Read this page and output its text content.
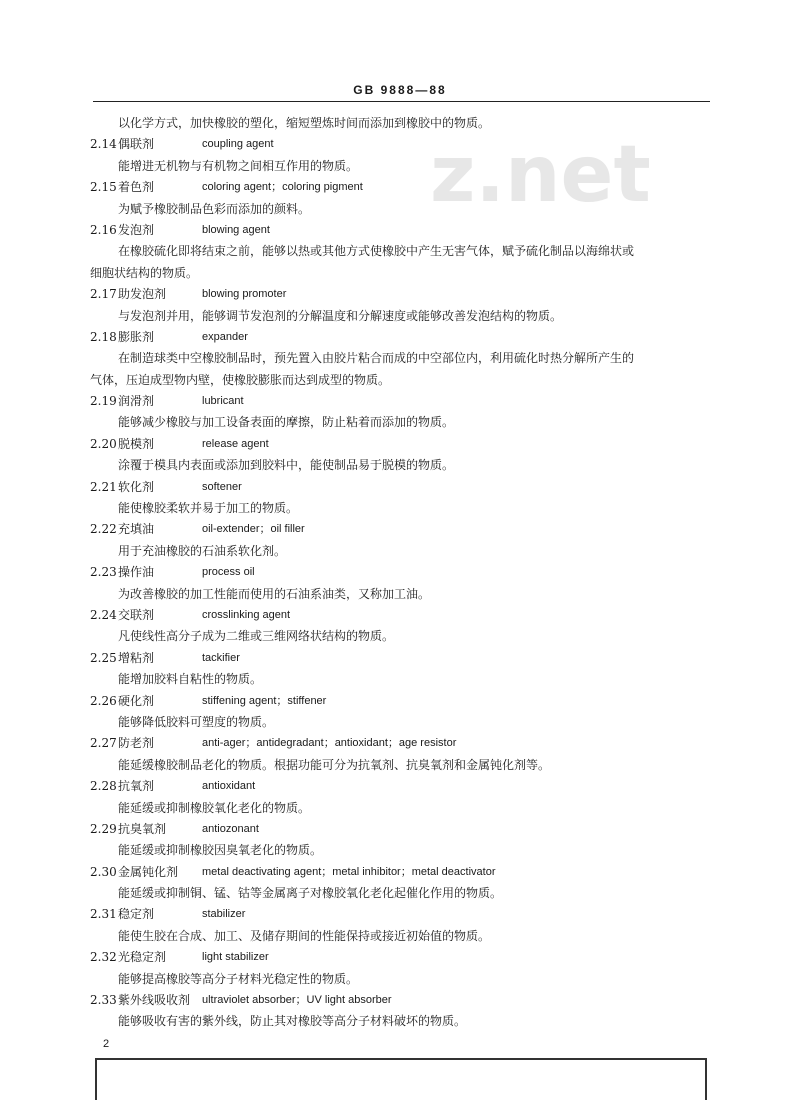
GB 9888—88
z.net
以化学方式，加快橡胶的塑化，缩短塑炼时间而添加到橡胶中的物质。
2.14 偶联剂	coupling agent
能增进无机物与有机物之间相互作用的物质。
2.15 着色剂	coloring agent；coloring pigment
为赋予橡胶制品色彩而添加的颜料。
2.16 发泡剂	blowing agent
在橡胶硫化即将结束之前，能够以热或其他方式使橡胶中产生无害气体，赋予硫化制品以海绵状或
细胞状结构的物质。
2.17 助发泡剂	blowing promoter
与发泡剂并用，能够调节发泡剂的分解温度和分解速度或能够改善发泡结构的物质。
2.18 膨胀剂	expander
在制造球类中空橡胶制品时，预先置入由胶片粘合而成的中空部位内，利用硫化时热分解所产生的
气体，压迫成型物内壁，使橡胶膨胀而达到成型的物质。
2.19 润滑剂	lubricant
能够减少橡胶与加工设备表面的摩擦，防止粘着而添加的物质。
2.20 脱模剂	release agent
涂覆于模具内表面或添加到胶料中，能使制品易于脱模的物质。
2.21 软化剂	softener
能使橡胶柔软并易于加工的物质。
2.22 充填油	oil-extender；oil filler
用于充油橡胶的石油系软化剂。
2.23 操作油	process oil
为改善橡胶的加工性能而使用的石油系油类，又称加工油。
2.24 交联剂	crosslinking agent
凡使线性高分子成为二维或三维网络状结构的物质。
2.25 增粘剂	tackifier
能增加胶料自粘性的物质。
2.26 硬化剂	stiffening agent；stiffener
能够降低胶料可塑度的物质。
2.27 防老剂	anti-ager；antidegradant；antioxidant；age resistor
能延缓橡胶制品老化的物质。根据功能可分为抗氧剂、抗臭氧剂和金属钝化剂等。
2.28 抗氧剂	antioxidant
能延缓或抑制橡胶氧化老化的物质。
2.29 抗臭氧剂	antiozonant
能延缓或抑制橡胶因臭氧老化的物质。
2.30 金属钝化剂 metal deactivating agent；metal inhibitor；metal deactivator
能延缓或抑制铜、锰、钴等金属离子对橡胶氧化老化起催化作用的物质。
2.31 稳定剂	stabilizer
能使生胶在合成、加工、及储存期间的性能保持或接近初始值的物质。
2.32 光稳定剂	light stabilizer
能够提高橡胶等高分子材料光稳定性的物质。
2.33 紫外线吸收剂 ultraviolet absorber；UV light absorber
能够吸收有害的紫外线，防止其对橡胶等高分子材料破坏的物质。
2
